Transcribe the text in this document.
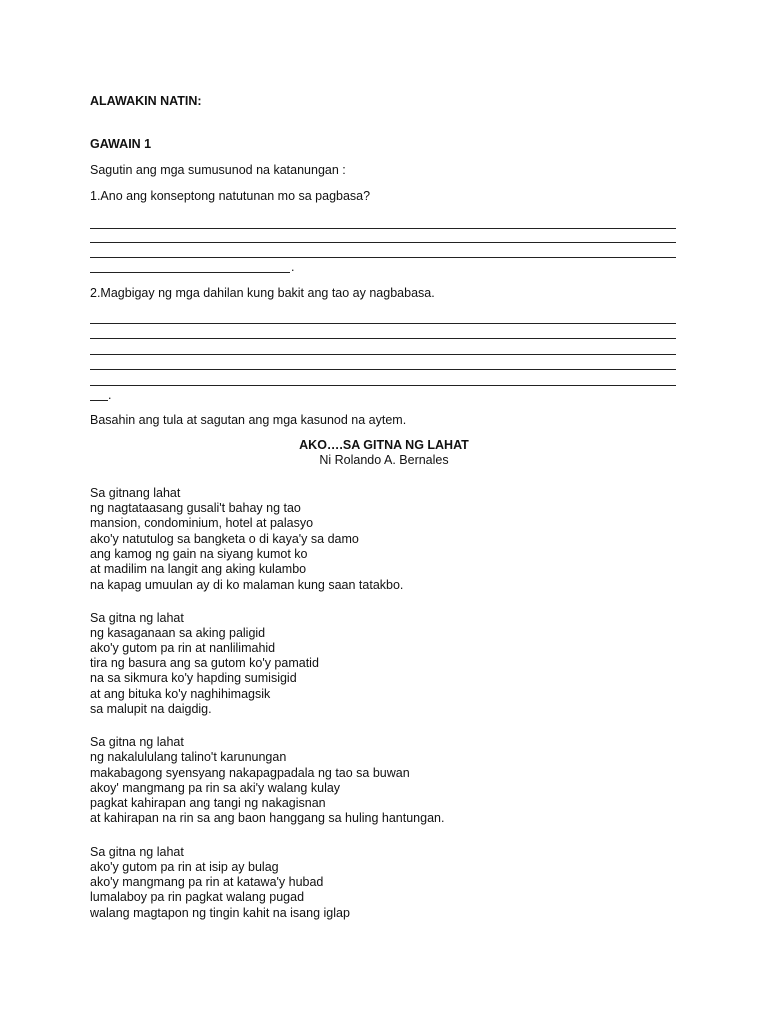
ALAWAKIN NATIN:
GAWAIN 1
Sagutin ang mga sumusunod na katanungan :
1.Ano ang konseptong natutunan mo sa pagbasa?
.
2.Magbigay ng mga dahilan kung bakit ang tao ay nagbabasa.
.
Basahin ang tula at sagutan ang mga kasunod na aytem.
AKO….SA GITNA NG LAHAT
Ni Rolando A. Bernales
Sa gitnang lahat
ng nagtataasang gusali't bahay ng tao
mansion, condominium, hotel at palasyo
ako'y natutulog sa bangketa o di kaya'y sa damo
ang kamog ng gain na siyang kumot ko
at madilim na langit ang aking kulambo
na kapag umuulan ay di ko malaman kung saan tatakbo.
Sa gitna ng lahat
ng kasaganaan sa aking paligid
ako'y gutom pa rin at nanlilimahid
tira ng basura ang sa gutom ko'y pamatid
na sa sikmura ko'y hapding sumisigid
at ang bituka ko'y naghihimagsik
sa malupit na daigdig.
Sa gitna ng lahat
ng nakalululang talino't karunungan
makabagong syensyang nakapagpadala ng tao sa buwan
akoy' mangmang pa rin sa aki'y walang kulay
pagkat kahirapan ang tangi ng nakagisnan
at kahirapan na rin sa ang baon hanggang sa huling hantungan.
Sa gitna ng lahat
ako'y gutom pa rin at isip ay bulag
ako'y mangmang pa rin at katawa'y hubad
lumalaboy pa rin pagkat walang pugad
walang magtapon ng tingin kahit na isang iglap
